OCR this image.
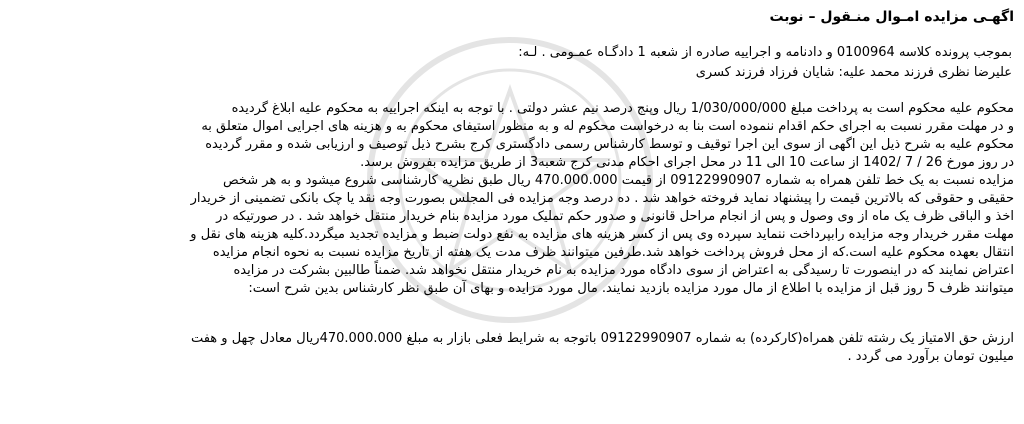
اگهـی مزایده امـوال منـقول – نوبت
بموجب پرونده کلاسه 0100964 و دادنامه و اجراییه صادره از شعبه 1 دادگـاه عمـومی . لـه:
علیرضا نظری فرزند محمد علیه: شایان فرزاد فرزند کسری
محکوم علیه محکوم است به پرداخت مبلغ 1/030/000/000 ریال وپنج درصد نیم عشر دولتی . با توجه به اینکه اجراییه به محکوم علیه ابلاغ گردیده
و در مهلت مقرر نسبت به اجرای حکم اقدام ننموده است بنا به درخواست محکوم له و به منظور استیفای محکوم به و هزینه های اجرایی اموال متعلق به
محکوم علیه به شرح ذیل این اگهی از سوی این اجرا توقیف و توسط کارشناس رسمی دادگستری کرج بشرح ذیل توصیف و ارزیابی شده و مقرر گردیده
در روز مورخ 26 / 7 /1402 از ساعت 10 الی 11 در محل اجرای احکام مدنی کرج شعبه3 از طریق مزایده بفروش برسد.
مزایده نسبت به یک خط تلفن همراه به شماره 09122990907 از قیمت 470.000.000 ریال طبق نظریه کارشناسی شروع میشود و به هر شخص
حقیقی و حقوقی که بالاترین قیمت را پیشنهاد نماید فروخته خواهد شد . ده درصد وجه مزایده فی المجلس بصورت وجه نقد یا چک بانکی تضمینی از خریدار
اخذ و الباقی ظرف یک ماه از وی وصول و پس از انجام مراحل قانونی و صدور حکم تملیک مورد مزایده بنام خریدار منتقل خواهد شد . در صورتیکه در
مهلت مقرر خریدار وجه مزایده رابپرداخت ننماید سپرده وی پس از کسر هزینه های مزایده به نفع دولت ضبط و مزایده تجدید میگردد.کلیه هزینه های نقل و
انتقال بعهده محکوم علیه است.که از محل فروش پرداخت خواهد شد.طرفین میتوانند ظرف مدت یک هفته از تاریخ مزایده نسبت به نحوه انجام مزایده
اعتراض نمایند که در اینصورت تا رسیدگی به اعتراض از سوی دادگاه مورد مزایده به نام خریدار منتقل نخواهد شد. ضمناً طالبین بشرکت در مزایده
میتوانند ظرف 5 روز قبل از مزایده با اطلاع از مال مورد مزایده بازدید نمایند. مال مورد مزایده و بهای آن طبق نظر کارشناس بدین شرح است:
ارزش حق الامتیاز یک رشته تلفن همراه(کارکرده) به شماره 09122990907 باتوجه به شرایط فعلی بازار به مبلغ 470.000.000ریال معادل چهل و هفت
میلیون تومان برآورد می گردد .
